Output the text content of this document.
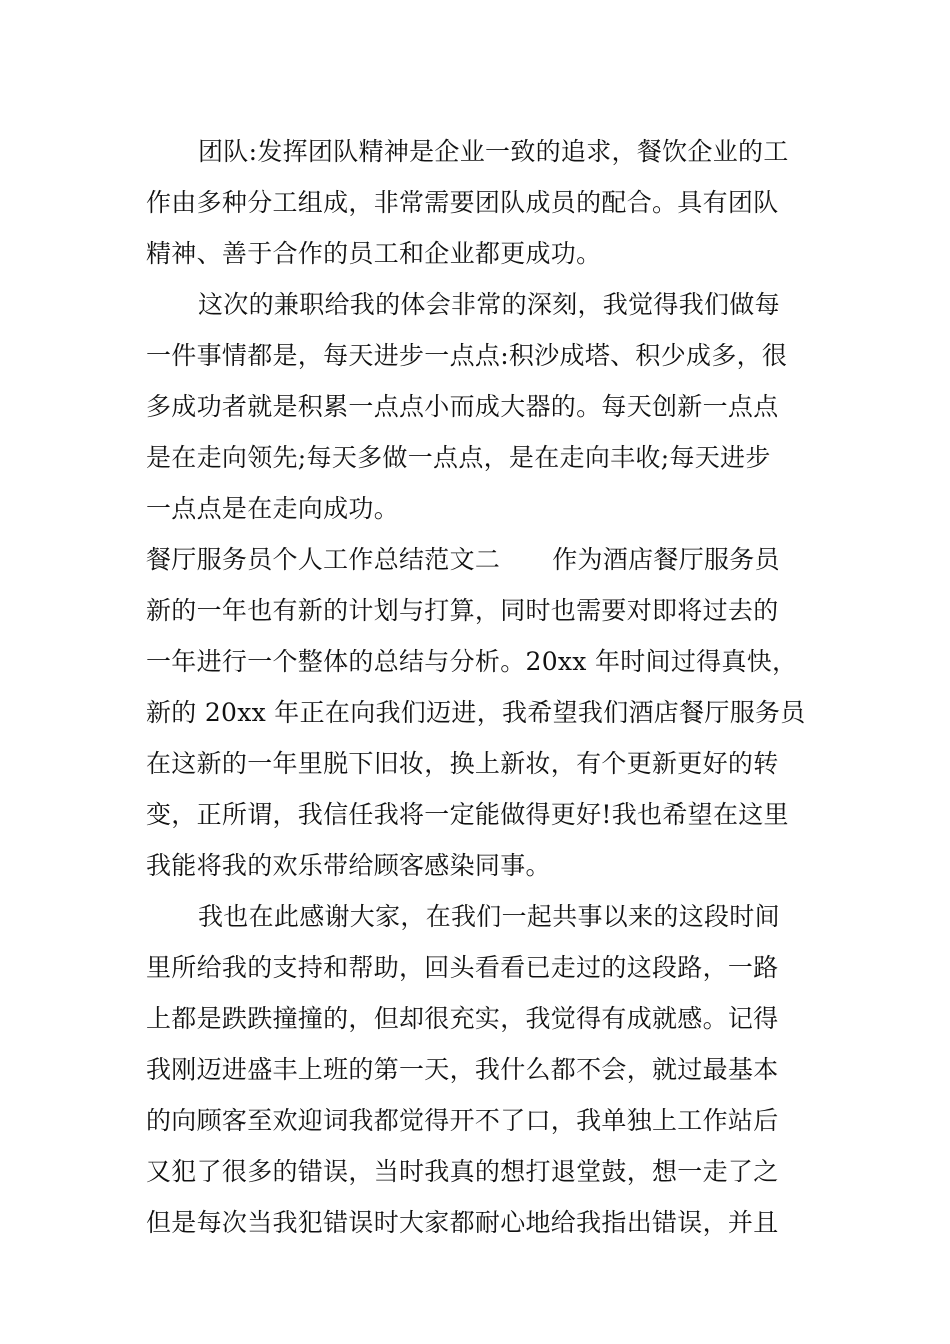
团队:发挥团队精神是企业一致的追求，餐饮企业的工
作由多种分工组成，非常需要团队成员的配合。具有团队
精神、善于合作的员工和企业都更成功。
这次的兼职给我的体会非常的深刻，我觉得我们做每
一件事情都是，每天进步一点点:积沙成塔、积少成多，很
多成功者就是积累一点点小而成大器的。每天创新一点点
是在走向领先;每天多做一点点，是在走向丰收;每天进步
一点点是在走向成功。
餐厅服务员个人工作总结范文二 作为酒店餐厅服务员
新的一年也有新的计划与打算，同时也需要对即将过去的
一年进行一个整体的总结与分析。20xx 年时间过得真快，
新的 20xx 年正在向我们迈进，我希望我们酒店餐厅服务员
在这新的一年里脱下旧妆，换上新妆，有个更新更好的转
变，正所谓，我信任我将一定能做得更好!我也希望在这里
我能将我的欢乐带给顾客感染同事。
我也在此感谢大家，在我们一起共事以来的这段时间
里所给我的支持和帮助，回头看看已走过的这段路，一路
上都是跌跌撞撞的，但却很充实，我觉得有成就感。记得
我刚迈进盛丰上班的第一天，我什么都不会，就过最基本
的向顾客至欢迎词我都觉得开不了口，我单独上工作站后
又犯了很多的错误，当时我真的想打退堂鼓，想一走了之
但是每次当我犯错误时大家都耐心地给我指出错误，并且
